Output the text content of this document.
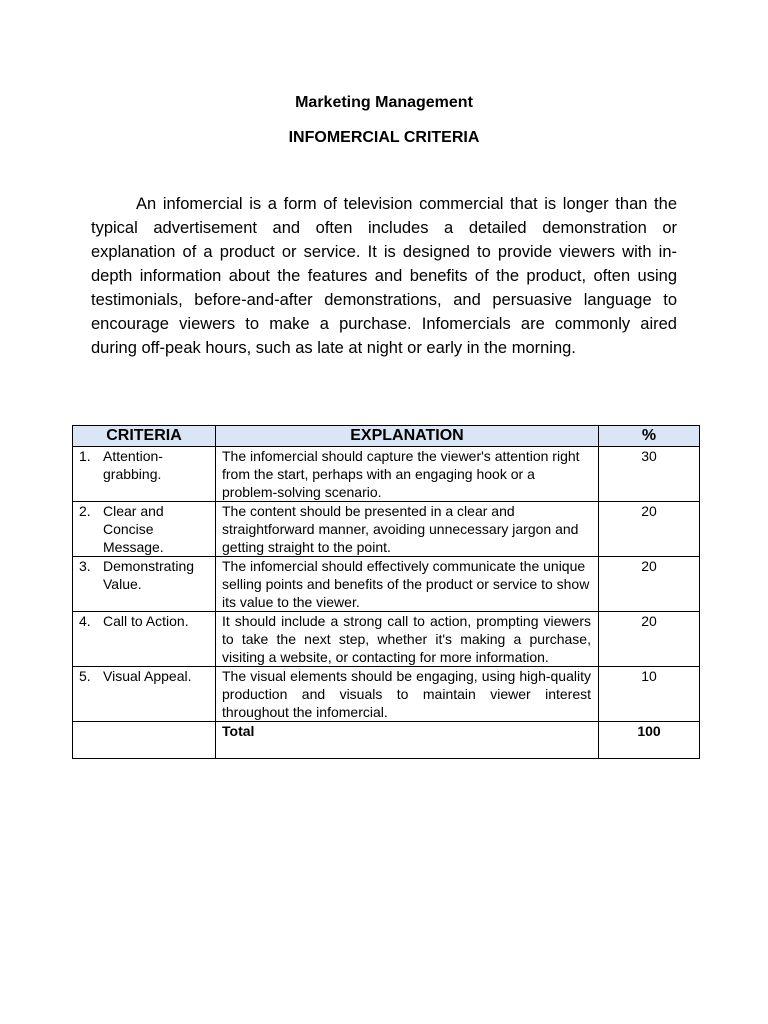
Marketing Management
INFOMERCIAL CRITERIA

An infomercial is a form of television commercial that is longer than the typical advertisement and often includes a detailed demonstration or explanation of a product or service. It is designed to provide viewers with in-depth information about the features and benefits of the product, often using testimonials, before-and-after demonstrations, and persuasive language to encourage viewers to make a purchase. Infomercials are commonly aired during off-peak hours, such as late at night or early in the morning.

CRITERIA	EXPLANATION	%

1. Attention-grabbing.	The infomercial should capture the viewer's attention right from the start, perhaps with an engaging hook or a problem-solving scenario.	30

2. Clear and Concise Message.	The content should be presented in a clear and straightforward manner, avoiding unnecessary jargon and getting straight to the point.	20

3. Demonstrating Value.	The infomercial should effectively communicate the unique selling points and benefits of the product or service to show its value to the viewer.	20

4. Call to Action.	It should include a strong call to action, prompting viewers to take the next step, whether it's making a purchase, visiting a website, or contacting for more information.	20

5. Visual Appeal.	The visual elements should be engaging, using high-quality production and visuals to maintain viewer interest throughout the infomercial.	10

	Total	100
